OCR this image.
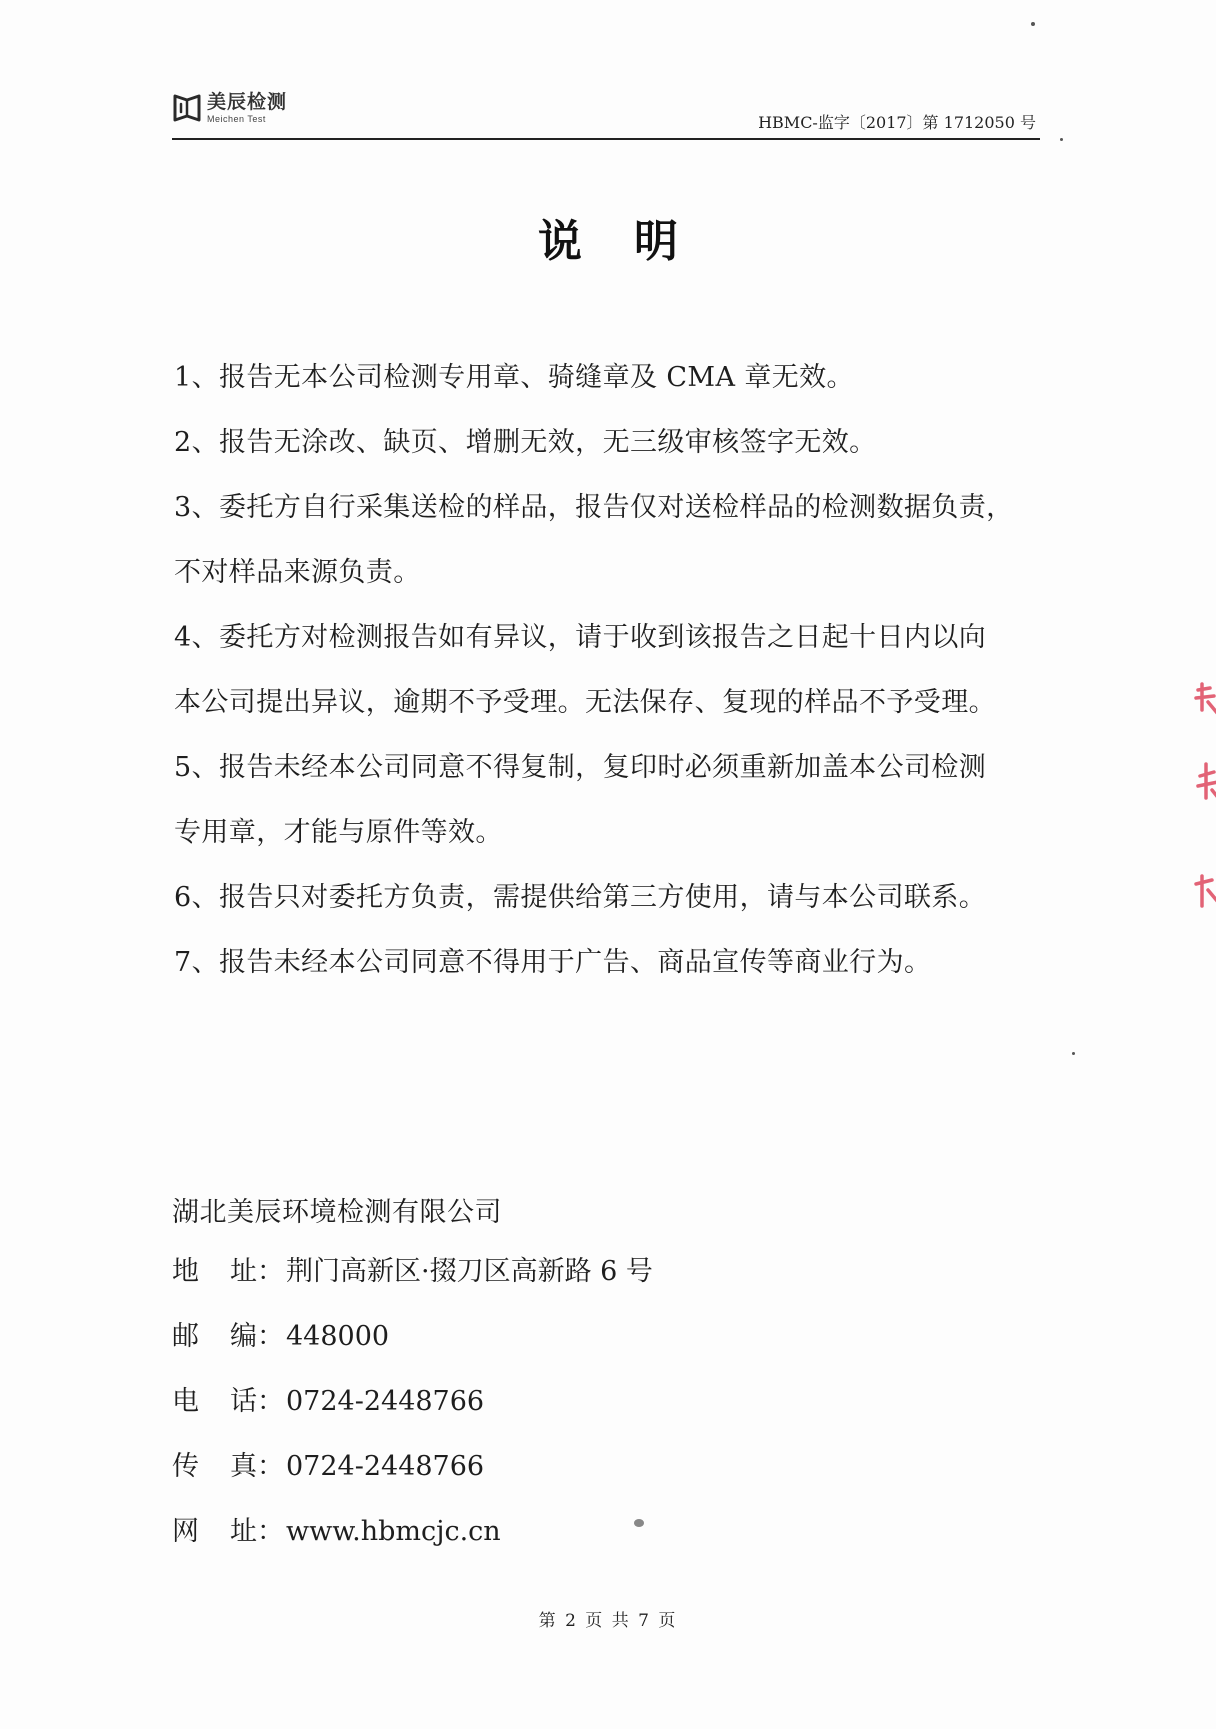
美辰检测
Meichen Test	HBMC-监字〔2017〕第 1712050 号
说明
1、报告无本公司检测专用章、骑缝章及 CMA 章无效。
2、报告无涂改、缺页、增删无效，无三级审核签字无效。
3、委托方自行采集送检的样品，报告仅对送检样品的检测数据负责，
不对样品来源负责。
4、委托方对检测报告如有异议，请于收到该报告之日起十日内以向
本公司提出异议，逾期不予受理。无法保存、复现的样品不予受理。
5、报告未经本公司同意不得复制，复印时必须重新加盖本公司检测
专用章，才能与原件等效。
6、报告只对委托方负责，需提供给第三方使用，请与本公司联系。
7、报告未经本公司同意不得用于广告、商品宣传等商业行为。
湖北美辰环境检测有限公司
地 址： 荆门高新区·掇刀区高新路 6 号
邮 编： 448000
电 话： 0724-2448766
传 真： 0724-2448766
网 址： www.hbmcjc.cn
第 2 页 共 7 页
